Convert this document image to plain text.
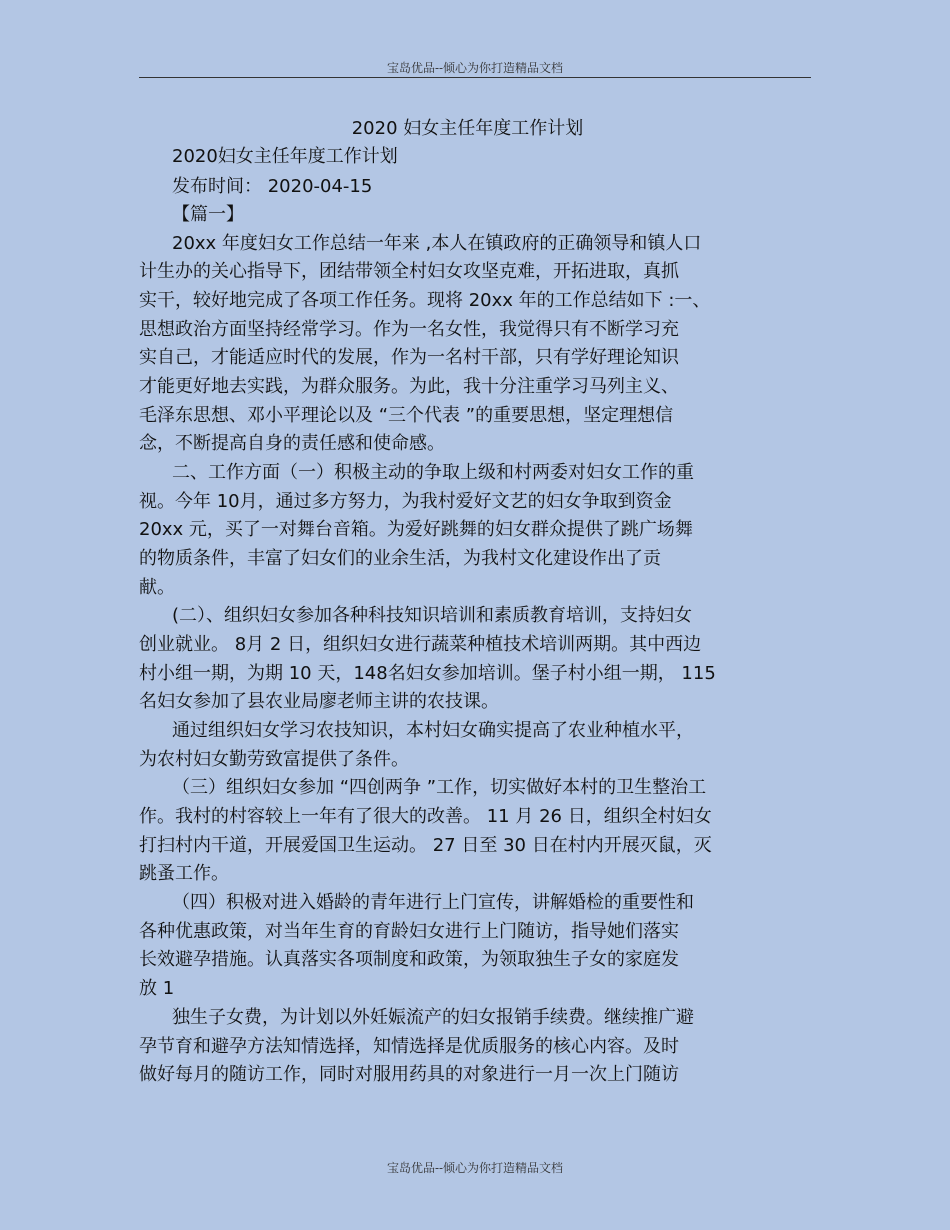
宝岛优品--倾心为你打造精品文档
2020 妇女主任年度工作计划
2020妇女主任年度工作计划
发布时间： 2020-04-15
【篇一】
20xx 年度妇女工作总结一年来 ,本人在镇政府的正确领导和镇人口
计生办的关心指导下，团结带领全村妇女攻坚克难，开拓进取，真抓
实干，较好地完成了各项工作任务。现将 20xx 年的工作总结如下 :一、
思想政治方面坚持经常学习。作为一名女性，我觉得只有不断学习充
实自己，才能适应时代的发展，作为一名村干部，只有学好理论知识
才能更好地去实践，为群众服务。为此，我十分注重学习马列主义、
毛泽东思想、邓小平理论以及 “三个代表 ”的重要思想，坚定理想信
念，不断提高自身的责任感和使命感。
二、工作方面（一）积极主动的争取上级和村两委对妇女工作的重
视。今年 10月，通过多方努力，为我村爱好文艺的妇女争取到资金
20xx 元，买了一对舞台音箱。为爱好跳舞的妇女群众提供了跳广场舞
的物质条件，丰富了妇女们的业余生活，为我村文化建设作出了贡
献。
(二）、组织妇女参加各种科技知识培训和素质教育培训，支持妇女
创业就业。 8月 2 日，组织妇女进行蔬菜种植技术培训两期。其中西边
村小组一期，为期 10 天，148名妇女参加培训。堡子村小组一期， 115
名妇女参加了县农业局廖老师主讲的农技课。
通过组织妇女学习农技知识，本村妇女确实提高了农业种植水平，
为农村妇女勤劳致富提供了条件。
（三）组织妇女参加 “四创两争 ”工作，切实做好本村的卫生整治工
作。我村的村容较上一年有了很大的改善。 11 月 26 日，组织全村妇女
打扫村内干道，开展爱国卫生运动。 27 日至 30 日在村内开展灭鼠，灭
跳蚤工作。
（四）积极对进入婚龄的青年进行上门宣传，讲解婚检的重要性和
各种优惠政策，对当年生育的育龄妇女进行上门随访，指导她们落实
长效避孕措施。认真落实各项制度和政策，为领取独生子女的家庭发
放 1
独生子女费，为计划以外妊娠流产的妇女报销手续费。继续推广避
孕节育和避孕方法知情选择，知情选择是优质服务的核心内容。及时
做好每月的随访工作，同时对服用药具的对象进行一月一次上门随访
宝岛优品--倾心为你打造精品文档
